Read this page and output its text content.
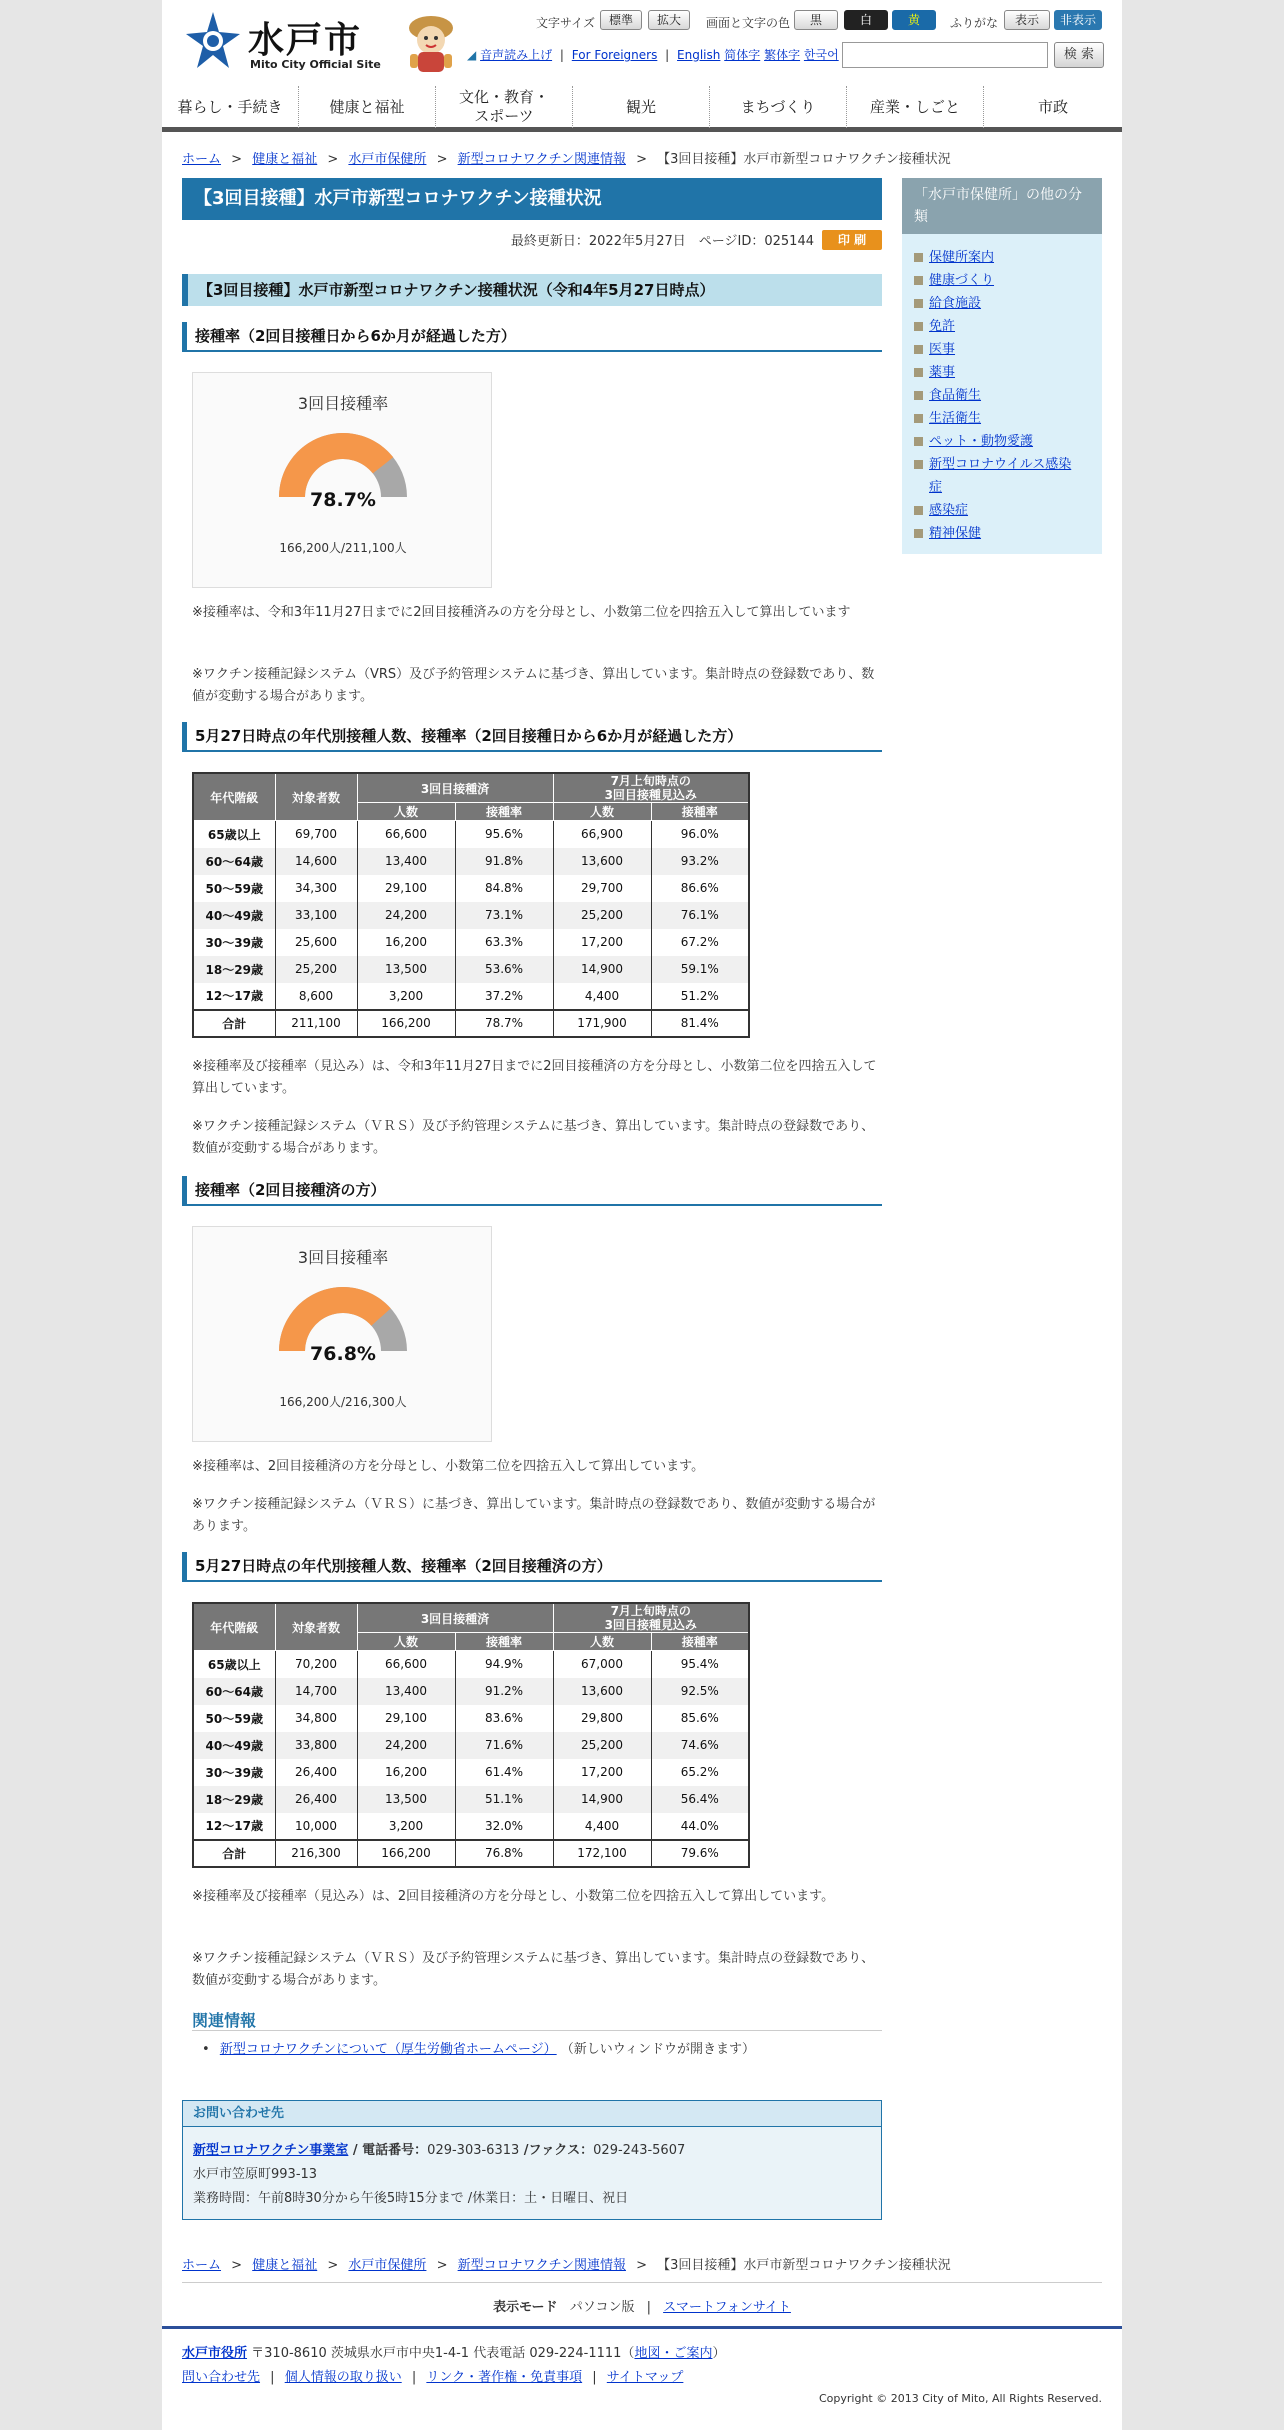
水戸市
Mito City Official Site
文字サイズ	標準	拡大	画面と文字の色	黒	白	黄	ふりがな	表示	非表示
◢ 音声読み上げ | For Foreigners | English 简体字 繁体字 한국어	検 索
暮らし・手続き	健康と福祉
文化・教育・
スポーツ
観光	まちづくり	産業・しごと	市政
ホーム > 健康と福祉 > 水戸市保健所 > 新型コロナワクチン関連情報 > 【3回目接種】水戸市新型コロナワクチン接種状況
【3回目接種】水戸市新型コロナワクチン接種状況
最終更新日：2022年5月27日　ページID：025144	印 刷
【3回目接種】水戸市新型コロナワクチン接種状況（令和4年5月27日時点）
接種率（2回目接種日から6か月が経過した方）
3回目接種率
78.7%
166,200人/211,100人
※接種率は、令和3年11月27日までに2回目接種済みの方を分母とし、小数第二位を四捨五入して算出しています
※ワクチン接種記録システム（VRS）及び予約管理システムに基づき、算出しています。集計時点の登録数であり、数値が変動する場合があります。
5月27日時点の年代別接種人数、接種率（2回目接種日から6か月が経過した方）
年代階級	対象者数	3回目接種済		7月上旬時点の
3回目接種見込み	
		人数	接種率	人数	接種率
65歳以上	69,700	66,600	95.6%	66,900	96.0%
60〜64歳	14,600	13,400	91.8%	13,600	93.2%
50〜59歳	34,300	29,100	84.8%	29,700	86.6%
40〜49歳	33,100	24,200	73.1%	25,200	76.1%
30〜39歳	25,600	16,200	63.3%	17,200	67.2%
18〜29歳	25,200	13,500	53.6%	14,900	59.1%
12〜17歳	8,600	3,200	37.2%	4,400	51.2%
合計	211,100	166,200	78.7%	171,900	81.4%
※接種率及び接種率（見込み）は、令和3年11月27日までに2回目接種済の方を分母とし、小数第二位を四捨五入して算出しています。
※ワクチン接種記録システム（ＶＲＳ）及び予約管理システムに基づき、算出しています。集計時点の登録数であり、数値が変動する場合があります。
接種率（2回目接種済の方）
3回目接種率
76.8%
166,200人/216,300人
※接種率は、2回目接種済の方を分母とし、小数第二位を四捨五入して算出しています。
※ワクチン接種記録システム（ＶＲＳ）に基づき、算出しています。集計時点の登録数であり、数値が変動する場合があります。
5月27日時点の年代別接種人数、接種率（2回目接種済の方）
年代階級	対象者数	3回目接種済		7月上旬時点の
3回目接種見込み	
		人数	接種率	人数	接種率
65歳以上	70,200	66,600	94.9%	67,000	95.4%
60〜64歳	14,700	13,400	91.2%	13,600	92.5%
50〜59歳	34,800	29,100	83.6%	29,800	85.6%
40〜49歳	33,800	24,200	71.6%	25,200	74.6%
30〜39歳	26,400	16,200	61.4%	17,200	65.2%
18〜29歳	26,400	13,500	51.1%	14,900	56.4%
12〜17歳	10,000	3,200	32.0%	4,400	44.0%
合計	216,300	166,200	76.8%	172,100	79.6%
※接種率及び接種率（見込み）は、2回目接種済の方を分母とし、小数第二位を四捨五入して算出しています。
※ワクチン接種記録システム（ＶＲＳ）及び予約管理システムに基づき、算出しています。集計時点の登録数であり、数値が変動する場合があります。
関連情報
• 新型コロナワクチンについて（厚生労働省ホームページ） （新しいウィンドウが開きます）
お問い合わせ先
新型コロナワクチン事業室 / 電話番号：029-303-6313 /ファクス：029-243-5607
水戸市笠原町993-13
業務時間：午前8時30分から午後5時15分まで /休業日：土・日曜日、祝日
ホーム > 健康と福祉 > 水戸市保健所 > 新型コロナワクチン関連情報 > 【3回目接種】水戸市新型コロナワクチン接種状況
表示モード パソコン版 | スマートフォンサイト
「水戸市保健所」の他の分類
保健所案内
健康づくり
給食施設
免許
医事
薬事
食品衛生
生活衛生
ペット・動物愛護
新型コロナウイルス感染
症
感染症
精神保健
水戸市役所 〒310-8610 茨城県水戸市中央1-4-1 代表電話 029-224-1111（地図・ご案内）
問い合わせ先 | 個人情報の取り扱い | リンク・著作権・免責事項 | サイトマップ
Copyright © 2013 City of Mito, All Rights Reserved.
